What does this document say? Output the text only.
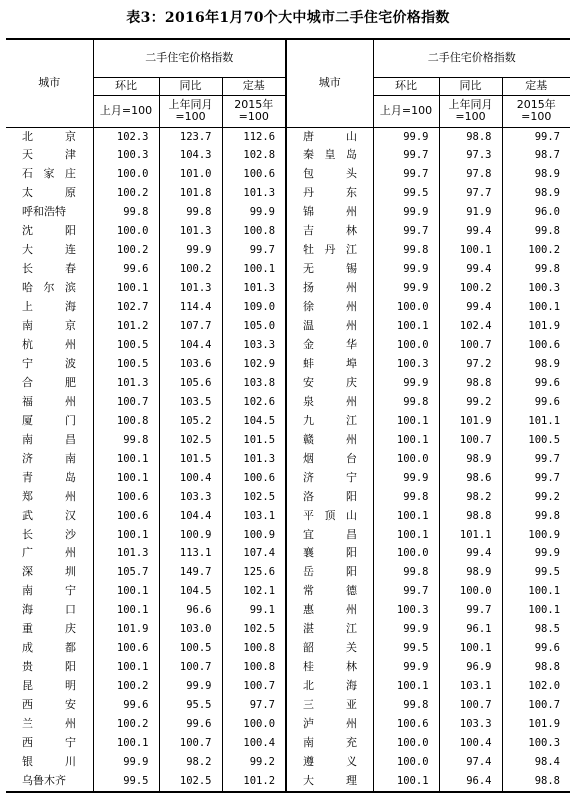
表3：2016年1月70个大中城市二手住宅价格指数
城市	二手住宅价格指数			城市	二手住宅价格指数		
	环比	同比	定基		环比	同比	定基
	上月=100	上年同月=100	2015年=100		上月=100	上年同月=100	2015年=100
北京	102.3	123.7	112.6	唐山	99.9	98.8	99.7
天津	100.3	104.3	102.8	秦皇岛	99.7	97.3	98.7
石家庄	100.0	101.0	100.6	包头	99.7	97.8	98.9
太原	100.2	101.8	101.3	丹东	99.5	97.7	98.9
呼和浩特	99.8	99.8	99.9	锦州	99.9	91.9	96.0
沈阳	100.0	101.3	100.8	吉林	99.7	99.4	99.8
大连	100.2	99.9	99.7	牡丹江	99.8	100.1	100.2
长春	99.6	100.2	100.1	无锡	99.9	99.4	99.8
哈尔滨	100.1	101.3	101.3	扬州	99.9	100.2	100.3
上海	102.7	114.4	109.0	徐州	100.0	99.4	100.1
南京	101.2	107.7	105.0	温州	100.1	102.4	101.9
杭州	100.5	104.4	103.3	金华	100.0	100.7	100.6
宁波	100.5	103.6	102.9	蚌埠	100.3	97.2	98.9
合肥	101.3	105.6	103.8	安庆	99.9	98.8	99.6
福州	100.7	103.5	102.6	泉州	99.8	99.2	99.6
厦门	100.8	105.2	104.5	九江	100.1	101.9	101.1
南昌	99.8	102.5	101.5	赣州	100.1	100.7	100.5
济南	100.1	101.5	101.3	烟台	100.0	98.9	99.7
青岛	100.1	100.4	100.6	济宁	99.9	98.6	99.7
郑州	100.6	103.3	102.5	洛阳	99.8	98.2	99.2
武汉	100.6	104.4	103.1	平顶山	100.1	98.8	99.8
长沙	100.1	100.9	100.9	宜昌	100.1	101.1	100.9
广州	101.3	113.1	107.4	襄阳	100.0	99.4	99.9
深圳	105.7	149.7	125.6	岳阳	99.8	98.9	99.5
南宁	100.1	104.5	102.1	常德	99.7	100.0	100.1
海口	100.1	96.6	99.1	惠州	100.3	99.7	100.1
重庆	101.9	103.0	102.5	湛江	99.9	96.1	98.5
成都	100.6	100.5	100.8	韶关	99.5	100.1	99.6
贵阳	100.1	100.7	100.8	桂林	99.9	96.9	98.8
昆明	100.2	99.9	100.7	北海	100.1	103.1	102.0
西安	99.6	95.5	97.7	三亚	99.8	100.7	100.7
兰州	100.2	99.6	100.0	泸州	100.6	103.3	101.9
西宁	100.1	100.7	100.4	南充	100.0	100.4	100.3
银川	99.9	98.2	99.2	遵义	100.0	97.4	98.4
乌鲁木齐	99.5	102.5	101.2	大理	100.1	96.4	98.8
